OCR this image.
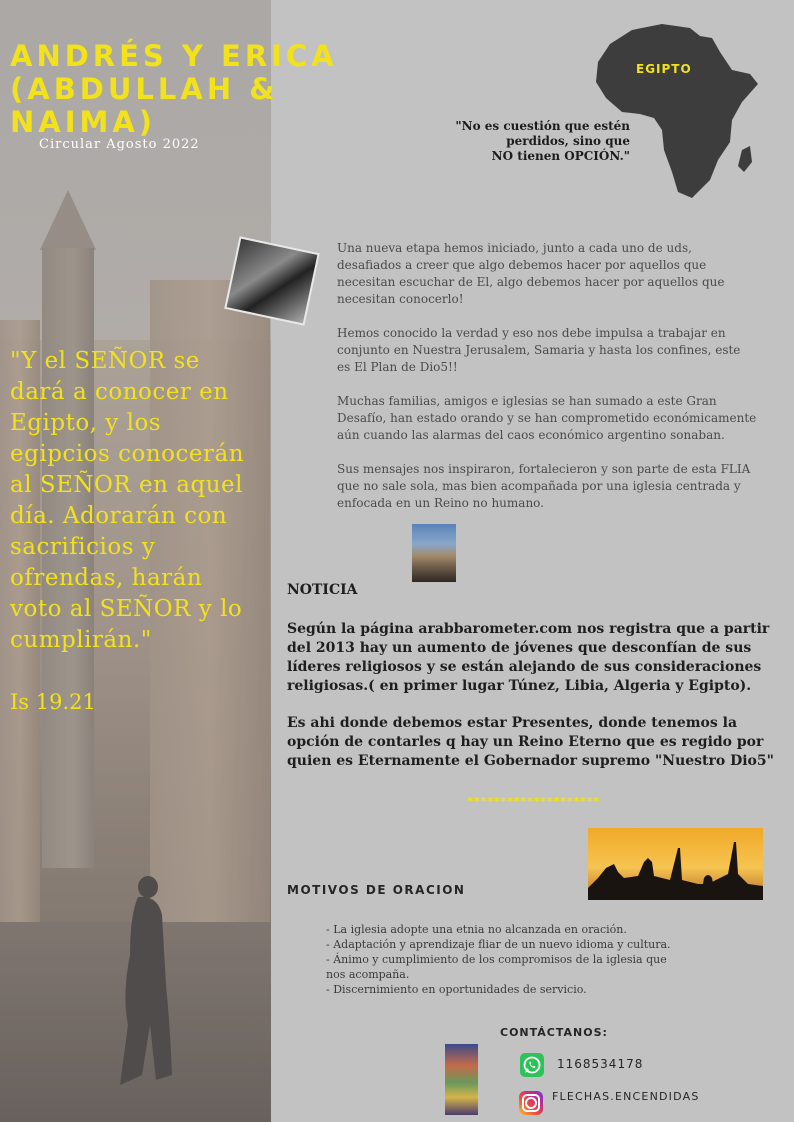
ANDRÉS Y ERICA
(ABDULLAH & NAIMA)
Circular Agosto 2022
EGIPTO
"No es cuestión que estén
perdidos, sino que
NO tienen OPCIÓN."

Una nueva etapa hemos iniciado, junto a cada uno de uds, desafiados a creer que algo debemos hacer por aquellos que necesitan escuchar de El, algo debemos hacer por aquellos que necesitan conocerlo!

Hemos conocido la verdad y eso nos debe impulsa a trabajar en conjunto en Nuestra Jerusalem, Samaria y hasta los confines, este es El Plan de Dio5!!

Muchas familias, amigos e iglesias se han sumado a este Gran Desafío, han estado orando y se han comprometido económicamente aún cuando las alarmas del caos económico argentino sonaban.

Sus mensajes nos inspiraron, fortalecieron y son parte de esta FLIA que no sale sola, mas bien acompañada por una iglesia centrada y enfocada en un Reino no humano.

"Y el SEÑOR se dará a conocer en Egipto, y los egipcios conocerán al SEÑOR en aquel día. Adorarán con sacrificios y ofrendas, harán voto al SEÑOR y lo cumplirán."
Is 19.21
NOTICIA

Según la página arabbarometer.com nos registra que a partir del 2013 hay un aumento de jóvenes que desconfían de sus líderes religiosos y se están alejando de sus consideraciones religiosas.( en primer lugar Túnez, Libia, Algeria y Egipto).

Es ahi donde debemos estar Presentes, donde tenemos la opción de contarles q hay un Reino Eterno que es regido por quien es Eternamente el Gobernador supremo "Nuestro Dio5"

********************
MOTIVOS DE ORACION
- La iglesia adopte una etnia no alcanzada en oración.
- Adaptación y aprendizaje fliar de un nuevo idioma y cultura.
- Ánimo y cumplimiento de los compromisos de la iglesia que nos acompaña.
- Discernimiento en oportunidades de servicio.
CONTÁCTANOS:
1168534178
FLECHAS.ENCENDIDAS
